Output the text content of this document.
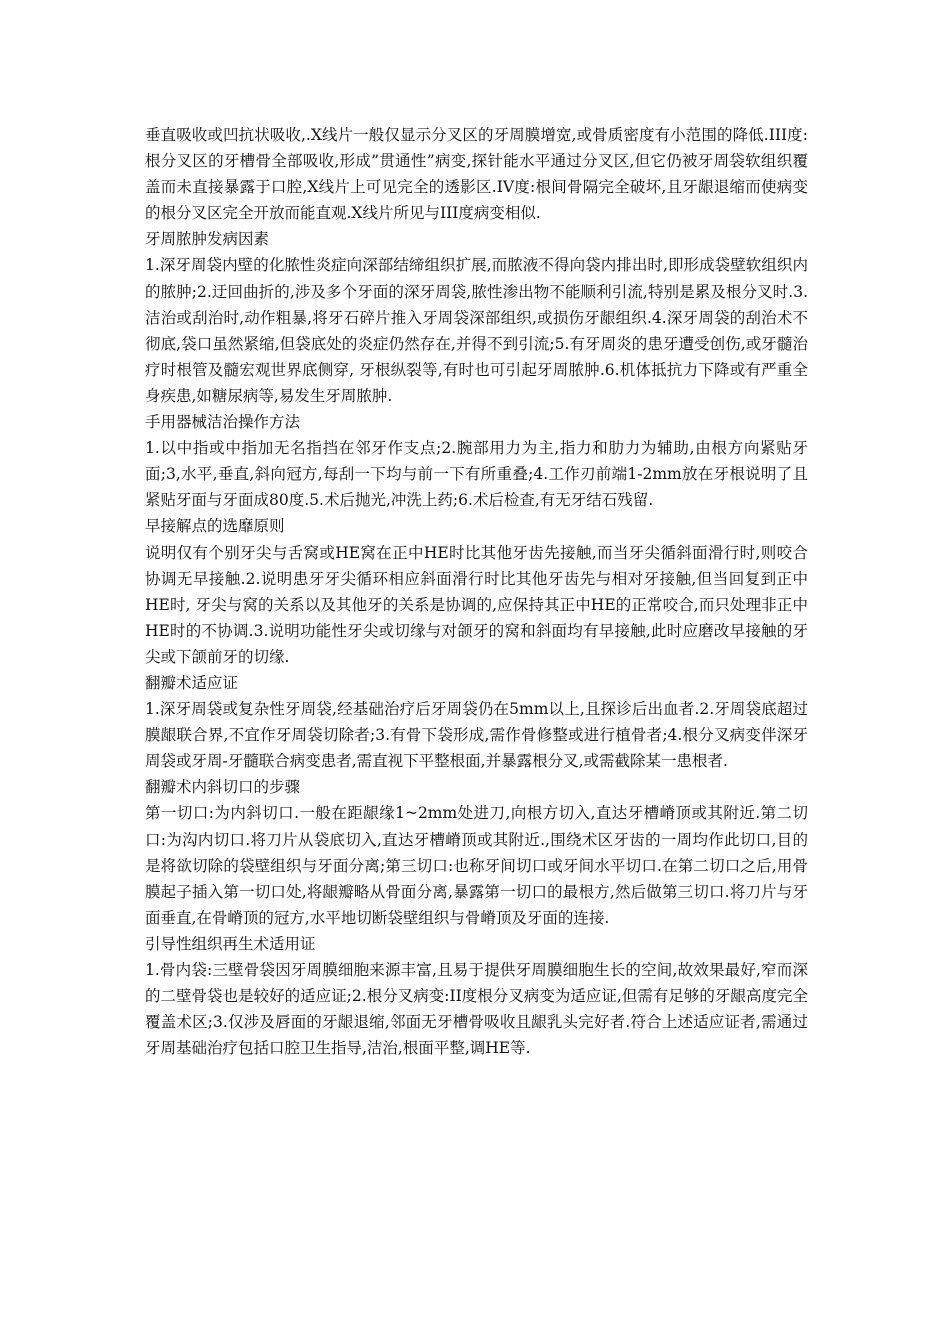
垂直吸收或凹抗状吸收,.X线片一般仅显示分叉区的牙周膜增宽,或骨质密度有小范围的降低.III度:根分叉区的牙槽骨全部吸收,形成”贯通性”病变,探针能水平通过分叉区,但它仍被牙周袋软组织覆盖而未直接暴露于口腔,X线片上可见完全的透影区.IV度:根间骨隔完全破坏,且牙龈退缩而使病变的根分叉区完全开放而能直观.X线片所见与III度病变相似.

牙周脓肿发病因素

1.深牙周袋内壁的化脓性炎症向深部结缔组织扩展,而脓液不得向袋内排出时,即形成袋壁软组织内的脓肿;2.迂回曲折的,涉及多个牙面的深牙周袋,脓性渗出物不能顺利引流,特别是累及根分叉时.3.洁治或刮治时,动作粗暴,将牙石碎片推入牙周袋深部组织,或损伤牙龈组织.4.深牙周袋的刮治术不彻底,袋口虽然紧缩,但袋底处的炎症仍然存在,并得不到引流;5.有牙周炎的患牙遭受创伤,或牙髓治疗时根管及髓宏观世界底侧穿, 牙根纵裂等,有时也可引起牙周脓肿.6.机体抵抗力下降或有严重全身疾患,如糖尿病等,易发生牙周脓肿.

手用器械洁治操作方法

1.以中指或中指加无名指挡在邻牙作支点;2.腕部用力为主,指力和肋力为辅助,由根方向紧贴牙面;3,水平,垂直,斜向冠方,每刮一下均与前一下有所重叠;4.工作刃前端1-2mm放在牙根说明了且紧贴牙面与牙面成80度.5.术后抛光,冲洗上药;6.术后检查,有无牙结石残留.

早接解点的选靡原则

说明仅有个别牙尖与舌窝或HE窝在正中HE时比其他牙齿先接触,而当牙尖循斜面滑行时,则咬合协调无早接触.2.说明患牙牙尖循环相应斜面滑行时比其他牙齿先与相对牙接触,但当回复到正中HE时, 牙尖与窝的关系以及其他牙的关系是协调的,应保持其正中HE的正常咬合,而只处理非正中HE时的不协调.3.说明功能性牙尖或切缘与对颌牙的窝和斜面均有早接触,此时应磨改早接触的牙尖或下颌前牙的切缘.

翻瓣术适应证

1.深牙周袋或复杂性牙周袋,经基础治疗后牙周袋仍在5mm以上,且探诊后出血者.2.牙周袋底超过膜龈联合界,不宜作牙周袋切除者;3.有骨下袋形成,需作骨修整或进行植骨者;4.根分叉病变伴深牙周袋或牙周-牙髓联合病变患者,需直视下平整根面,并暴露根分叉,或需截除某一患根者.

翻瓣术内斜切口的步骤

第一切口:为内斜切口.一般在距龈缘1~2mm处进刀,向根方切入,直达牙槽嵴顶或其附近.第二切口:为沟内切口.将刀片从袋底切入,直达牙槽嵴顶或其附近.,围绕术区牙齿的一周均作此切口,目的是将欲切除的袋壁组织与牙面分离;第三切口:也称牙间切口或牙间水平切口.在第二切口之后,用骨膜起子插入第一切口处,将龈瓣略从骨面分离,暴露第一切口的最根方,然后做第三切口.将刀片与牙面垂直,在骨嵴顶的冠方,水平地切断袋壁组织与骨嵴顶及牙面的连接.

引导性组织再生术适用证

1.骨内袋:三壁骨袋因牙周膜细胞来源丰富,且易于提供牙周膜细胞生长的空间,故效果最好,窄而深的二壁骨袋也是较好的适应证;2.根分叉病变:II度根分叉病变为适应证,但需有足够的牙龈高度完全覆盖术区;3.仅涉及唇面的牙龈退缩,邻面无牙槽骨吸收且龈乳头完好者.符合上述适应证者,需通过牙周基础治疗包括口腔卫生指导,洁治,根面平整,调HE等.
